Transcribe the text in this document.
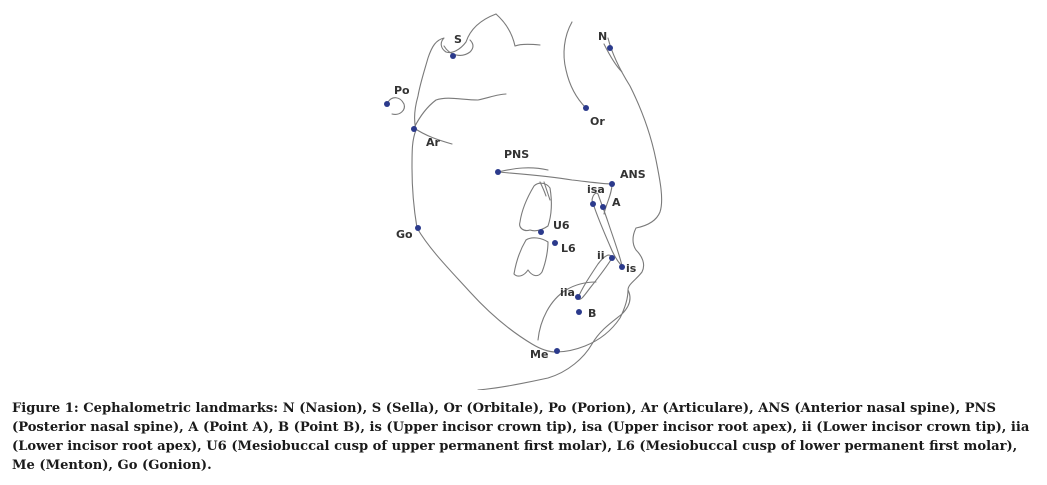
S	N
Po
Or
Ar
PNS
ANS
isa
A
U6
L6
Go
ii
is
iia
B
Me

Figure 1: Cephalometric landmarks: N (Nasion), S (Sella), Or (Orbitale), Po (Porion), Ar (Articulare), ANS (Anterior nasal spine), PNS (Posterior nasal spine), A (Point A), B (Point B), is (Upper incisor crown tip), isa (Upper incisor root apex), ii (Lower incisor crown tip), iia (Lower incisor root apex), U6 (Mesiobuccal cusp of upper permanent first molar), L6 (Mesiobuccal cusp of lower permanent first molar), Me (Menton), Go (Gonion).
